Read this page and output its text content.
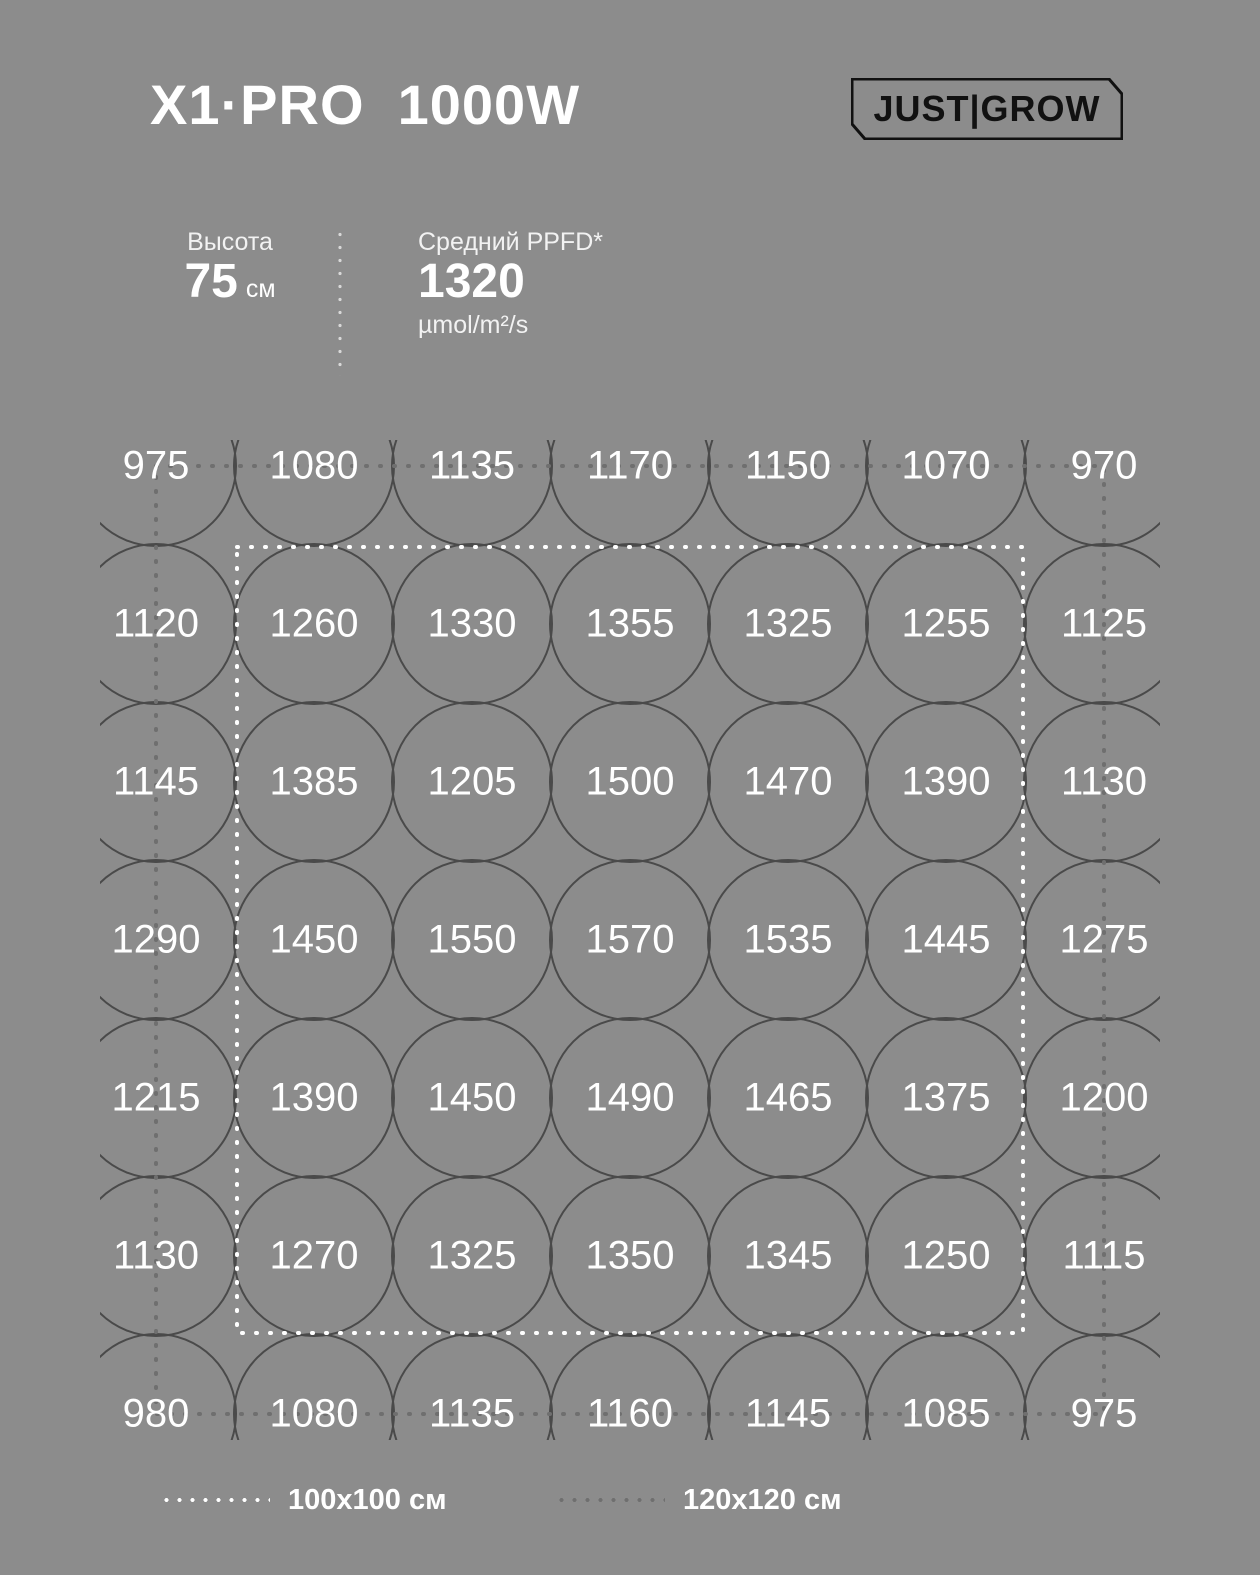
X1·PRO  1000W	JUST|GROW
Высота
75 см
Средний PPFD*
1320
µmol/m²/s
975 1080 1135 1170 1150 1070 970
1120 1260 1330 1355 1325 1255 1125
1145 1385 1205 1500 1470 1390 1130
1290 1450 1550 1570 1535 1445 1275
1215 1390 1450 1490 1465 1375 1200
1130 1270 1325 1350 1345 1250 1115
980 1080 1135 1160 1145 1085 975
100x100 см	120x120 см
